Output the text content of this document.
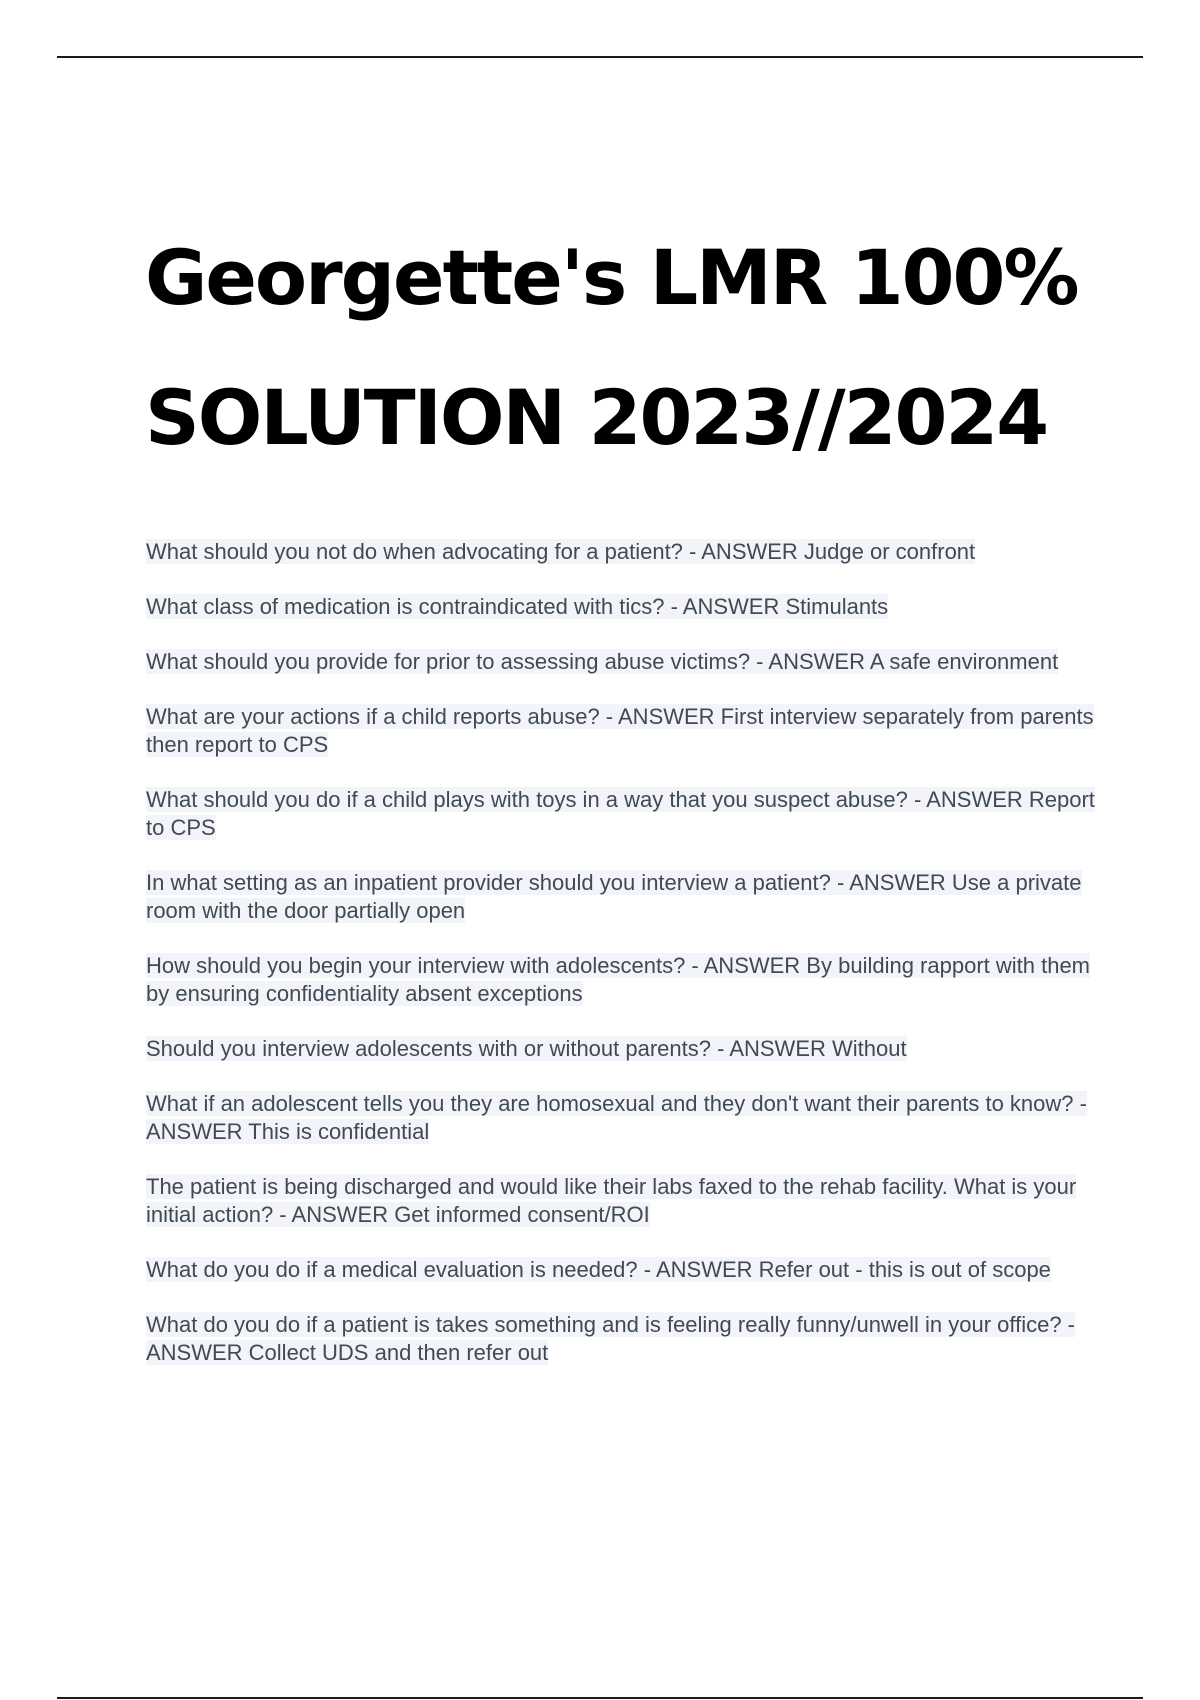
Georgette's LMR 100%
SOLUTION 2023//2024
What should you not do when advocating for a patient? - ANSWER Judge or confront
What class of medication is contraindicated with tics? - ANSWER Stimulants
What should you provide for prior to assessing abuse victims? - ANSWER A safe environment
What are your actions if a child reports abuse? - ANSWER First interview separately from parents then report to CPS
What should you do if a child plays with toys in a way that you suspect abuse? - ANSWER Report to CPS
In what setting as an inpatient provider should you interview a patient? - ANSWER Use a private room with the door partially open
How should you begin your interview with adolescents? - ANSWER By building rapport with them by ensuring confidentiality absent exceptions
Should you interview adolescents with or without parents? - ANSWER Without
What if an adolescent tells you they are homosexual and they don't want their parents to know? - ANSWER This is confidential
The patient is being discharged and would like their labs faxed to the rehab facility. What is your initial action? - ANSWER Get informed consent/ROI
What do you do if a medical evaluation is needed? - ANSWER Refer out - this is out of scope
What do you do if a patient is takes something and is feeling really funny/unwell in your office? - ANSWER Collect UDS and then refer out
